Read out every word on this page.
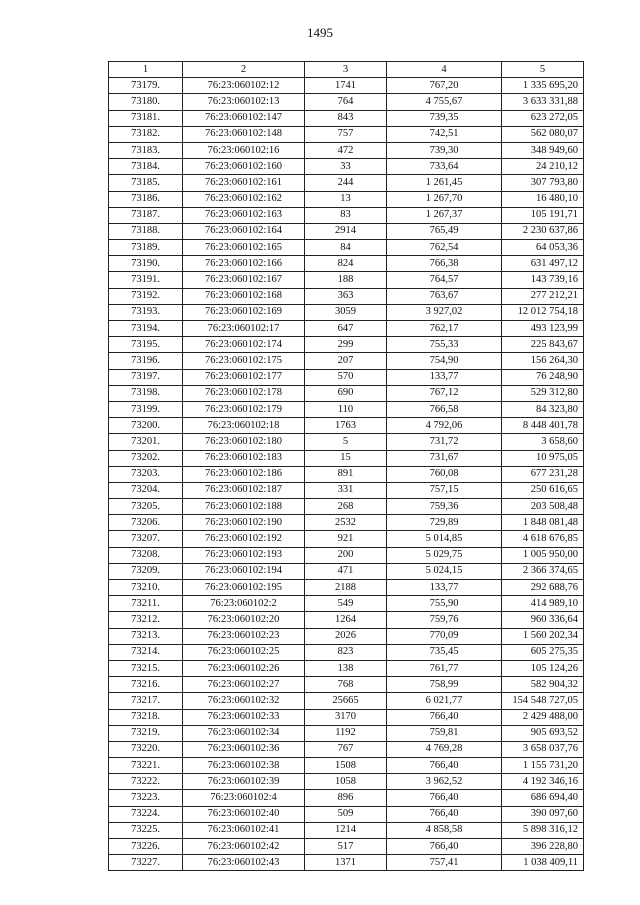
1495
1	2	3	4	5
73179.	76:23:060102:12	1741	767,20	1 335 695,20
73180.	76:23:060102:13	764	4 755,67	3 633 331,88
73181.	76:23:060102:147	843	739,35	623 272,05
73182.	76:23:060102:148	757	742,51	562 080,07
73183.	76:23:060102:16	472	739,30	348 949,60
73184.	76:23:060102:160	33	733,64	24 210,12
73185.	76:23:060102:161	244	1 261,45	307 793,80
73186.	76:23:060102:162	13	1 267,70	16 480,10
73187.	76:23:060102:163	83	1 267,37	105 191,71
73188.	76:23:060102:164	2914	765,49	2 230 637,86
73189.	76:23:060102:165	84	762,54	64 053,36
73190.	76:23:060102:166	824	766,38	631 497,12
73191.	76:23:060102:167	188	764,57	143 739,16
73192.	76:23:060102:168	363	763,67	277 212,21
73193.	76:23:060102:169	3059	3 927,02	12 012 754,18
73194.	76:23:060102:17	647	762,17	493 123,99
73195.	76:23:060102:174	299	755,33	225 843,67
73196.	76:23:060102:175	207	754,90	156 264,30
73197.	76:23:060102:177	570	133,77	76 248,90
73198.	76:23:060102:178	690	767,12	529 312,80
73199.	76:23:060102:179	110	766,58	84 323,80
73200.	76:23:060102:18	1763	4 792,06	8 448 401,78
73201.	76:23:060102:180	5	731,72	3 658,60
73202.	76:23:060102:183	15	731,67	10 975,05
73203.	76:23:060102:186	891	760,08	677 231,28
73204.	76:23:060102:187	331	757,15	250 616,65
73205.	76:23:060102:188	268	759,36	203 508,48
73206.	76:23:060102:190	2532	729,89	1 848 081,48
73207.	76:23:060102:192	921	5 014,85	4 618 676,85
73208.	76:23:060102:193	200	5 029,75	1 005 950,00
73209.	76:23:060102:194	471	5 024,15	2 366 374,65
73210.	76:23:060102:195	2188	133,77	292 688,76
73211.	76:23:060102:2	549	755,90	414 989,10
73212.	76:23:060102:20	1264	759,76	960 336,64
73213.	76:23:060102:23	2026	770,09	1 560 202,34
73214.	76:23:060102:25	823	735,45	605 275,35
73215.	76:23:060102:26	138	761,77	105 124,26
73216.	76:23:060102:27	768	758,99	582 904,32
73217.	76:23:060102:32	25665	6 021,77	154 548 727,05
73218.	76:23:060102:33	3170	766,40	2 429 488,00
73219.	76:23:060102:34	1192	759,81	905 693,52
73220.	76:23:060102:36	767	4 769,28	3 658 037,76
73221.	76:23:060102:38	1508	766,40	1 155 731,20
73222.	76:23:060102:39	1058	3 962,52	4 192 346,16
73223.	76:23:060102:4	896	766,40	686 694,40
73224.	76:23:060102:40	509	766,40	390 097,60
73225.	76:23:060102:41	1214	4 858,58	5 898 316,12
73226.	76:23:060102:42	517	766,40	396 228,80
73227.	76:23:060102:43	1371	757,41	1 038 409,11
